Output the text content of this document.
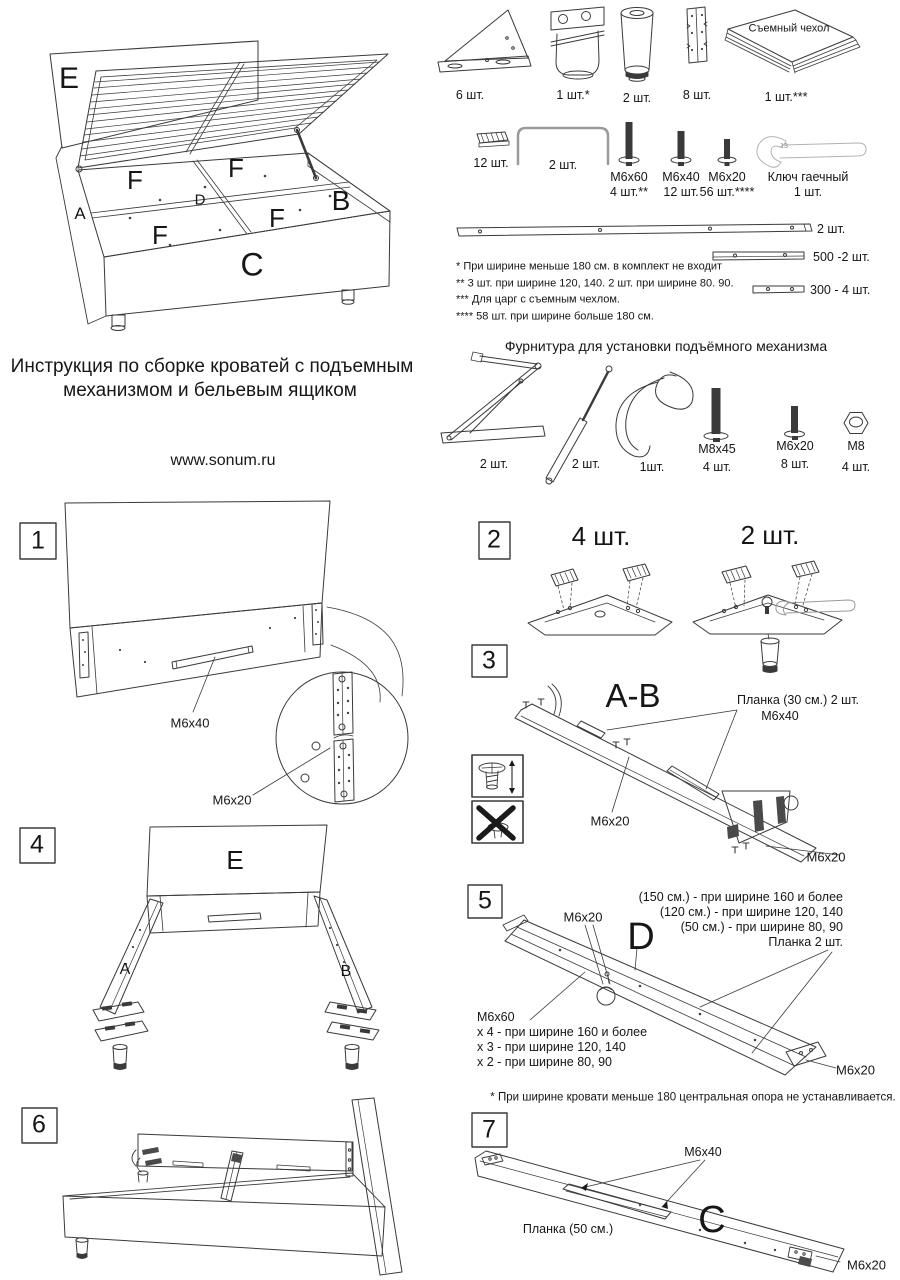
Инструкция по сборке кроватей с подъемным
механизмом и бельевым ящиком
www.sonum.ru
E
F	F
F
F
A
D	B
C
6 шт.	1 шт.*	2 шт.	8 шт.
Съемный чехол
1 шт.***
12 шт.	2 шт.
M6x60
4 шт.**
M6x40
12 шт.
M6x20
56 шт.****
Ключ гаечный
1 шт.
13
2 шт.
500 -2 шт.
300 - 4 шт.
* При ширине меньше 180 см. в комплект не входит
** 3 шт. при ширине 120, 140. 2 шт. при ширине 80. 90.
*** Для царг с съемным чехлом.
**** 58 шт. при ширине больше 180 см.
Фурнитура для установки подъёмного механизма
2 шт.	2 шт.	1шт.
M8x45
4 шт.
M6x20
8 шт.
M8
4 шт.
1	2
3
4
5
6	7
M6x40
M6x20
4 шт.	2 шт.
A-B	Планка (30 см.) 2 шт.
M6x40
M6x20
M6x20
E
A	B
M6x20 D
(150 см.) - при ширине 160 и более
(120 см.) - при ширине 120, 140
(50 см.) - при ширине 80, 90
Планка 2 шт.
M6x60
x 4 - при ширине 160 и более
x 3 - при ширине 120, 140
x 2 - при ширине 80, 90
M6x20
* При ширине кровати меньше 180 центральная опора не устанавливается.
M6x40
Планка (50 см.) C
M6x20
